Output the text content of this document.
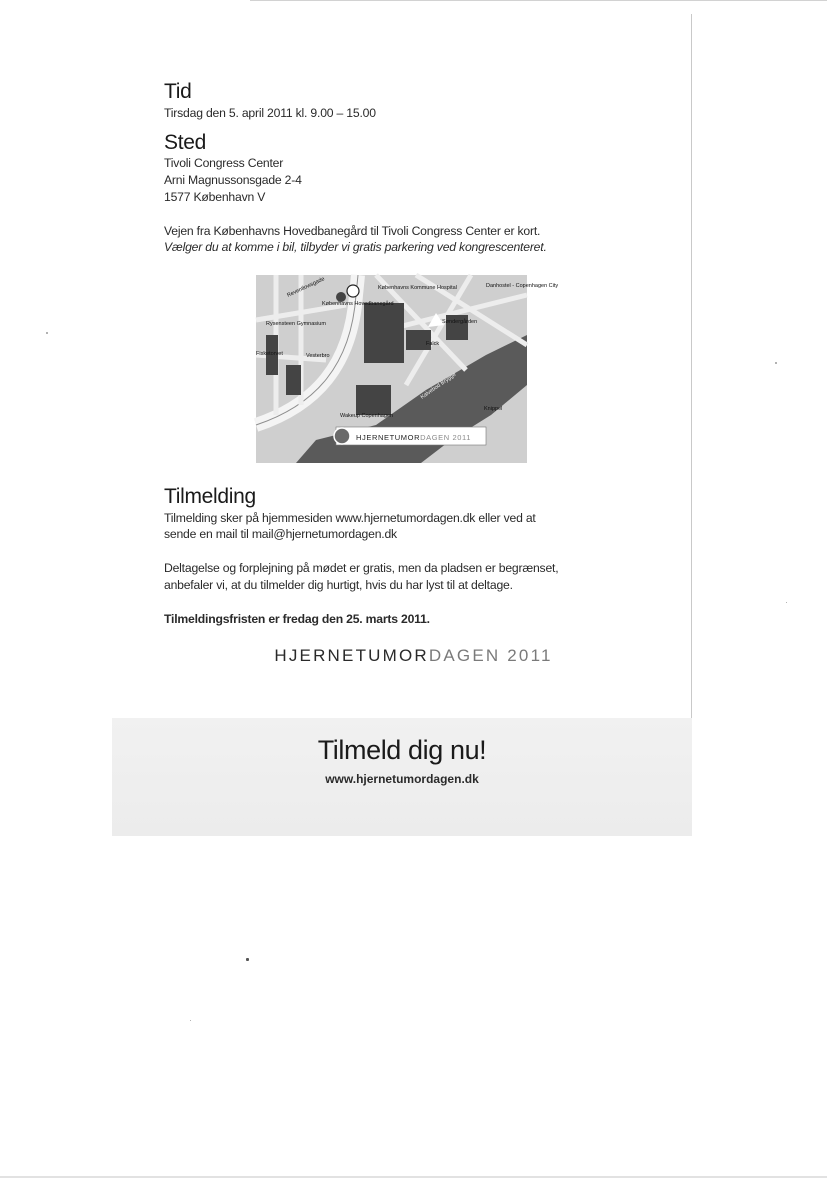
Tid

Tirsdag den 5. april 2011 kl. 9.00 – 15.00

Sted

Tivoli Congress Center

Arni Magnussonsgade 2-4

1577 København V

Vejen fra Københavns Hovedbanegård til Tivoli Congress Center er kort.

Vælger du at komme i bil, tilbyder vi gratis parkering ved kongrescenteret.

Tilmelding

Tilmelding sker på hjemmesiden www.hjernetumordagen.dk eller ved at

sende en mail til mail@hjernetumordagen.dk

Deltagelse og forplejning på mødet er gratis, men da pladsen er begrænset,

anbefaler vi, at du tilmelder dig hurtigt, hvis du har lyst til at deltage.

Tilmeldingsfristen er fredag den 25. marts 2011.

Reventlowsgade
Københavns Hovedbanegård
Københavns Kommune Hospital	Danhostel - Copenhagen City
Rysensteen Gymnasium
Vesterbro
Fisketorvet
Kalvebod Brygge
Falck
Søndergården
Wakeup Copenhagen
Knippel
HJERNETUMORDAGEN 2011
HJERNETUMORDAGEN 2011
Tilmeld dig nu!
www.hjernetumordagen.dk
